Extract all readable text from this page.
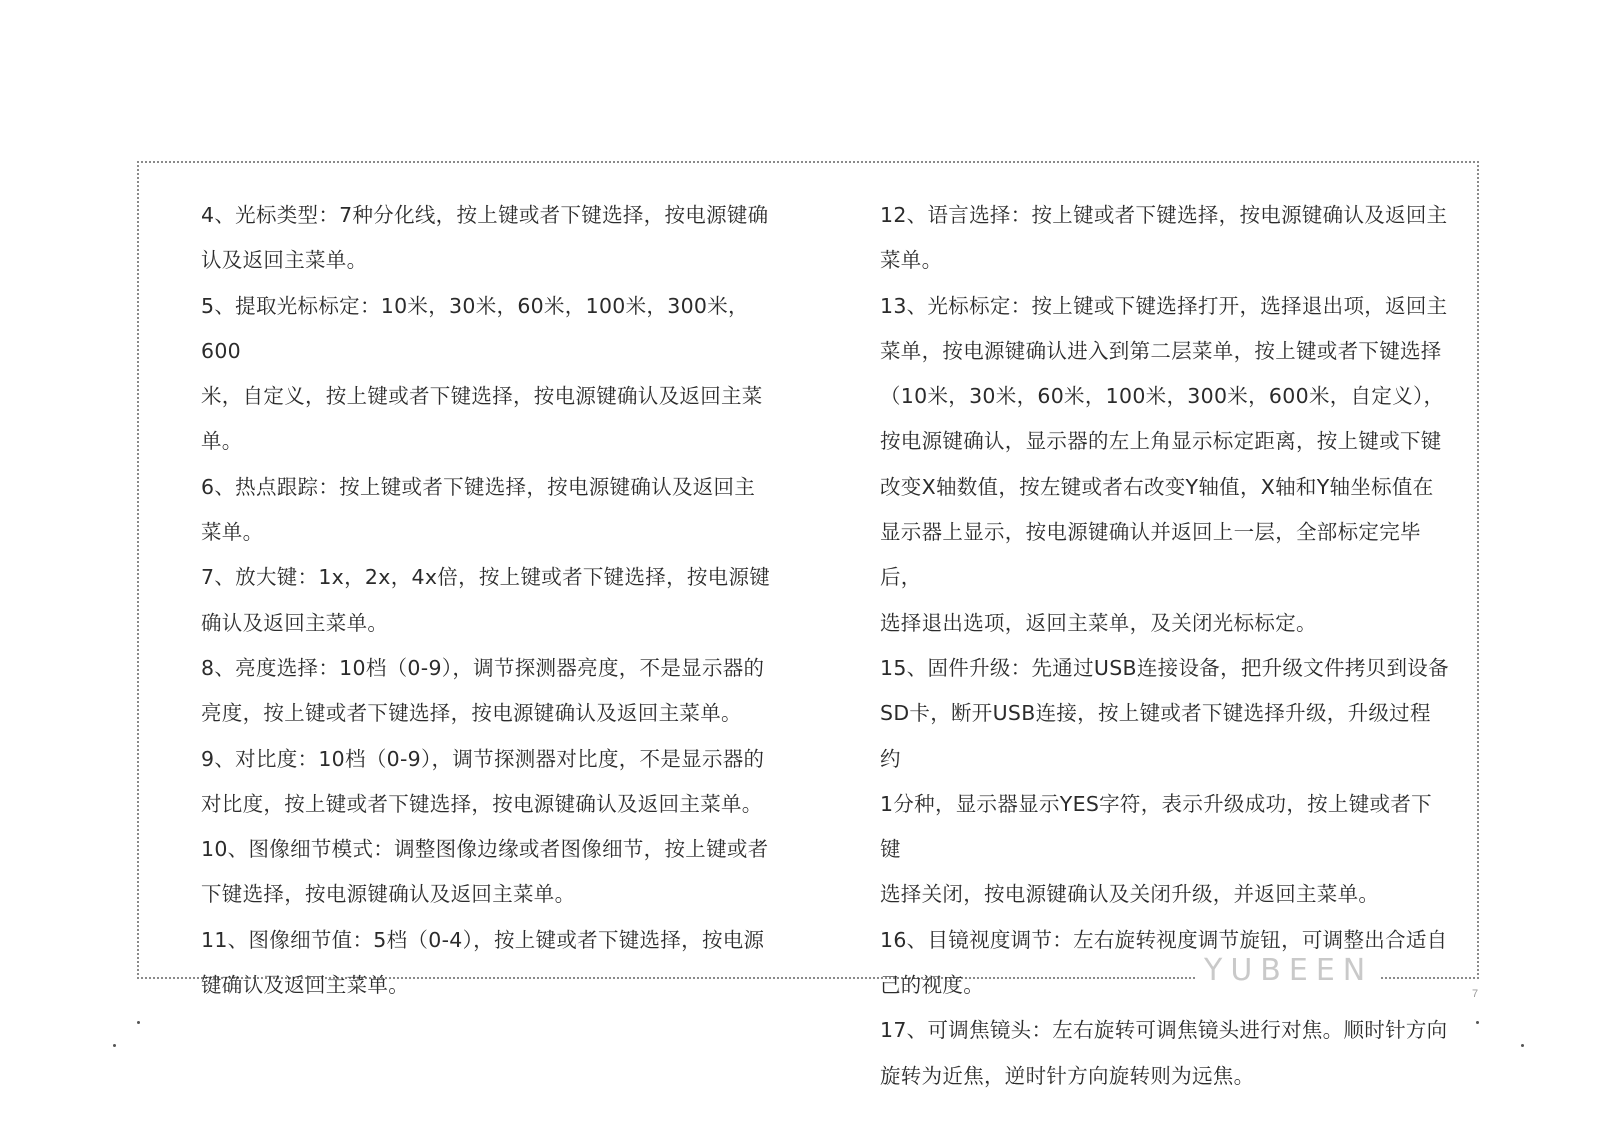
4、光标类型：7种分化线，按上键或者下键选择，按电源键确
认及返回主菜单。

5、提取光标标定：10米，30米，60米，100米，300米，600
米，自定义，按上键或者下键选择，按电源键确认及返回主菜
单。

6、热点跟踪：按上键或者下键选择，按电源键确认及返回主
菜单。

7、放大键：1x，2x，4x倍，按上键或者下键选择，按电源键
确认及返回主菜单。

8、亮度选择：10档（0-9），调节探测器亮度，不是显示器的
亮度，按上键或者下键选择，按电源键确认及返回主菜单。

9、对比度：10档（0-9），调节探测器对比度，不是显示器的
对比度，按上键或者下键选择，按电源键确认及返回主菜单。

10、图像细节模式：调整图像边缘或者图像细节，按上键或者
下键选择，按电源键确认及返回主菜单。

11、图像细节值：5档（0-4），按上键或者下键选择，按电源
键确认及返回主菜单。

12、语言选择：按上键或者下键选择，按电源键确认及返回主
菜单。

13、光标标定：按上键或下键选择打开，选择退出项，返回主
菜单，按电源键确认进入到第二层菜单，按上键或者下键选择
（10米，30米，60米，100米，300米，600米，自定义），
按电源键确认，显示器的左上角显示标定距离，按上键或下键
改变X轴数值，按左键或者右改变Y轴值，X轴和Y轴坐标值在
显示器上显示，按电源键确认并返回上一层，全部标定完毕后，
选择退出选项，返回主菜单，及关闭光标标定。

15、固件升级：先通过USB连接设备，把升级文件拷贝到设备
SD卡，断开USB连接，按上键或者下键选择升级，升级过程约
1分种，显示器显示YES字符，表示升级成功，按上键或者下键
选择关闭，按电源键确认及关闭升级，并返回主菜单。

16、目镜视度调节：左右旋转视度调节旋钮，可调整出合适自
己的视度。

17、可调焦镜头：左右旋转可调焦镜头进行对焦。顺时针方向
旋转为近焦，逆时针方向旋转则为远焦。

YUBEEN
7
